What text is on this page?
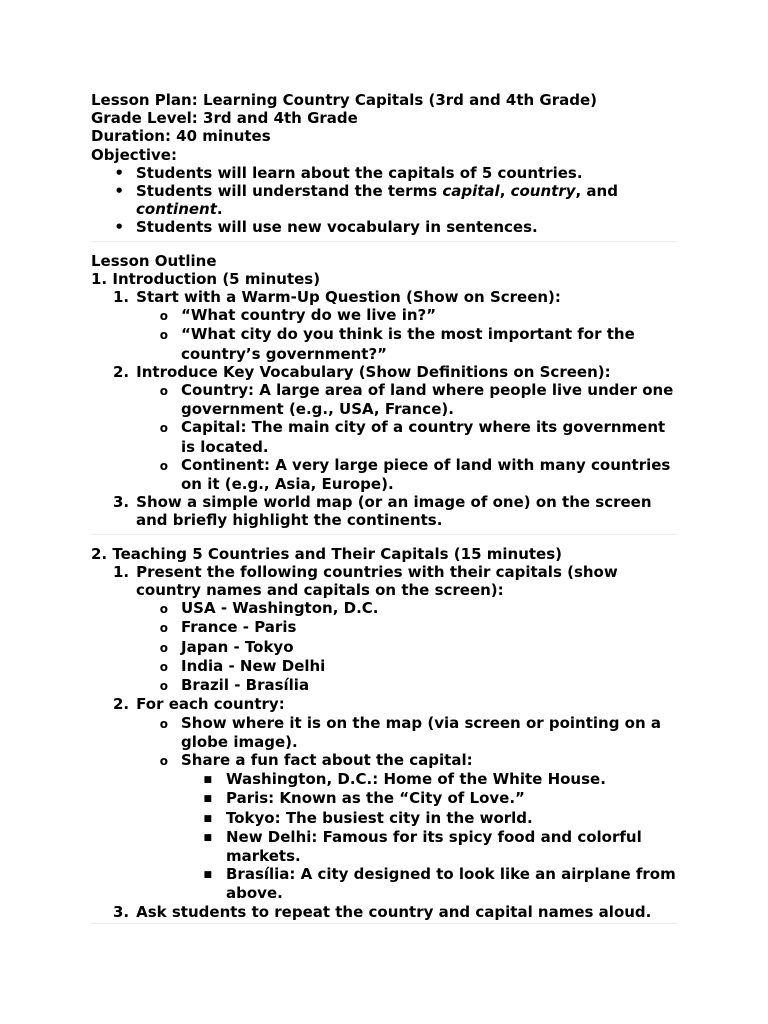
Lesson Plan: Learning Country Capitals (3rd and 4th Grade)

Grade Level: 3rd and 4th Grade

Duration: 40 minutes

Objective:

• Students will learn about the capitals of 5 countries.

• Students will understand the terms capital, country, and continent.

• Students will use new vocabulary in sentences.

Lesson Outline

1. Introduction (5 minutes)

1. Start with a Warm-Up Question (Show on Screen):

o “What country do we live in?”

o “What city do you think is the most important for the country’s government?”

2. Introduce Key Vocabulary (Show Definitions on Screen):

o Country: A large area of land where people live under one government (e.g., USA, France).

o Capital: The main city of a country where its government is located.

o Continent: A very large piece of land with many countries on it (e.g., Asia, Europe).

3. Show a simple world map (or an image of one) on the screen and briefly highlight the continents.

2. Teaching 5 Countries and Their Capitals (15 minutes)

1. Present the following countries with their capitals (show country names and capitals on the screen):

o USA - Washington, D.C.

o France - Paris

o Japan - Tokyo

o India - New Delhi

o Brazil - Brasília

2. For each country:

o Show where it is on the map (via screen or pointing on a globe image).

o Share a fun fact about the capital:

■ Washington, D.C.: Home of the White House.

■ Paris: Known as the “City of Love.”

■ Tokyo: The busiest city in the world.

■ New Delhi: Famous for its spicy food and colorful markets.

■ Brasília: A city designed to look like an airplane from above.

3. Ask students to repeat the country and capital names aloud.
